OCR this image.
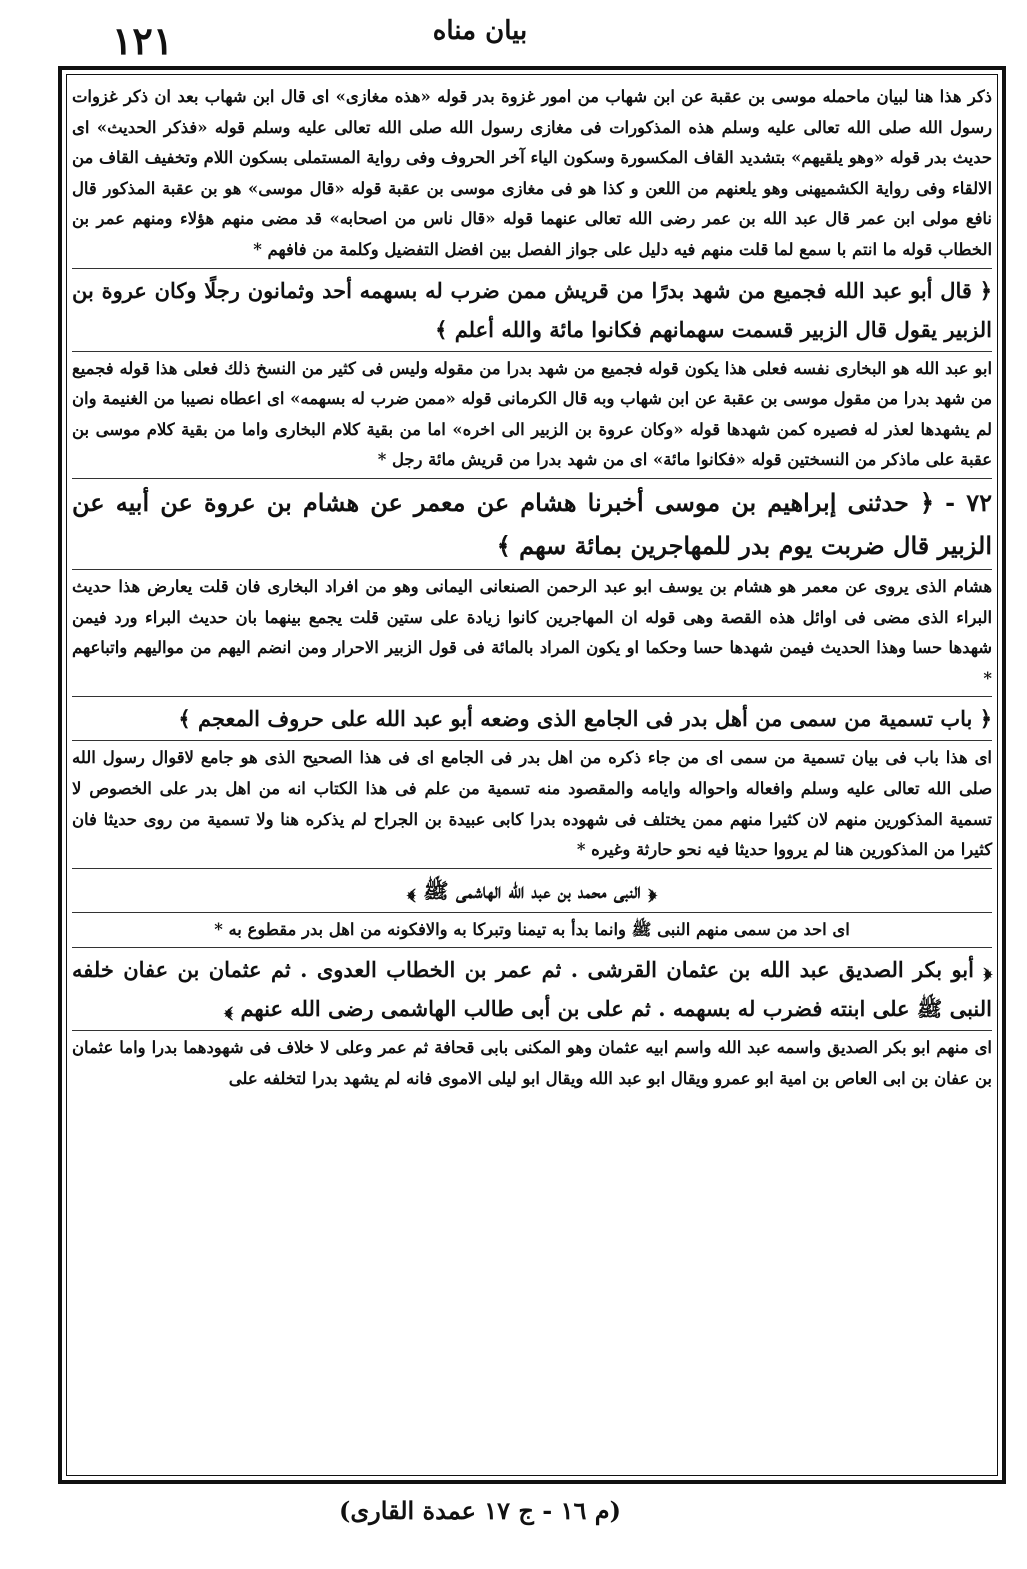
١٢١	بيان مناه

ذكر هذا هنا لبيان ماحمله موسى بن عقبة عن ابن شهاب من امور غزوة بدر قوله «هذه مغازى» اى قال ابن شهاب بعد ان ذكر غزوات رسول الله صلى الله تعالى عليه وسلم هذه المذكورات فى مغازى رسول الله صلى الله تعالى عليه وسلم قوله «فذكر الحديث» اى حديث بدر قوله «وهو يلقيهم» بتشديد القاف المكسورة وسكون الياء آخر الحروف وفى رواية المستملى بسكون اللام وتخفيف القاف من الالقاء وفى رواية الكشميهنى وهو يلعنهم من اللعن و كذا هو فى مغازى موسى بن عقبة قوله «قال موسى» هو بن عقبة المذكور قال نافع مولى ابن عمر قال عبد الله بن عمر رضى الله تعالى عنهما قوله «قال ناس من اصحابه» قد مضى منهم هؤلاء ومنهم عمر بن الخطاب قوله ما انتم با سمع لما قلت منهم فيه دليل على جواز الفصل بين افضل التفضيل وكلمة من فافهم *

﴿ قال أبو عبد الله فجميع من شهد بدرًا من قريش ممن ضرب له بسهمه أحد وثمانون رجلًا وكان عروة بن الزبير يقول قال الزبير قسمت سهمانهم فكانوا مائة والله أعلم ﴾

ابو عبد الله هو البخارى نفسه فعلى هذا يكون قوله فجميع من شهد بدرا من مقوله وليس فى كثير من النسخ ذلك فعلى هذا قوله فجميع من شهد بدرا من مقول موسى بن عقبة عن ابن شهاب وبه قال الكرمانى قوله «ممن ضرب له بسهمه» اى اعطاه نصيبا من الغنيمة وان لم يشهدها لعذر له فصيره كمن شهدها قوله «وكان عروة بن الزبير الى اخره» اما من بقية كلام البخارى واما من بقية كلام موسى بن عقبة على ماذكر من النسختين قوله «فكانوا مائة» اى من شهد بدرا من قريش مائة رجل *

٧٢ - ﴿ حدثنى إبراهيم بن موسى أخبرنا هشام عن معمر عن هشام بن عروة عن أبيه عن الزبير قال ضربت يوم بدر للمهاجرين بمائة سهم ﴾

هشام الذى يروى عن معمر هو هشام بن يوسف ابو عبد الرحمن الصنعانى اليمانى وهو من افراد البخارى فان قلت يعارض هذا حديث البراء الذى مضى فى اوائل هذه القصة وهى قوله ان المهاجرين كانوا زيادة على ستين قلت يجمع بينهما بان حديث البراء ورد فيمن شهدها حسا وهذا الحديث فيمن شهدها حسا وحكما او يكون المراد بالمائة فى قول الزبير الاحرار ومن انضم اليهم من مواليهم واتباعهم *

﴿ باب تسمية من سمى من أهل بدر فى الجامع الذى وضعه أبو عبد الله على حروف المعجم ﴾

اى هذا باب فى بيان تسمية من سمى اى من جاء ذكره من اهل بدر فى الجامع اى فى هذا الصحيح الذى هو جامع لاقوال رسول الله صلى الله تعالى عليه وسلم وافعاله واحواله وايامه والمقصود منه تسمية من علم فى هذا الكتاب انه من اهل بدر على الخصوص لا تسمية المذكورين منهم لان كثيرا منهم ممن يختلف فى شهوده بدرا كابى عبيدة بن الجراح لم يذكره هنا ولا تسمية من روى حديثا فان كثيرا من المذكورين هنا لم يرووا حديثا فيه نحو حارثة وغيره *

﴿ النبى محمد بن عبد الله الهاشمى ﷺ ﴾

اى احد من سمى منهم النبى ﷺ وانما بدأ به تيمنا وتبركا به والافكونه من اهل بدر مقطوع به *

﴿ أبو بكر الصديق عبد الله بن عثمان القرشى . ثم عمر بن الخطاب العدوى . ثم عثمان بن عفان خلفه النبى ﷺ على ابنته فضرب له بسهمه . ثم على بن أبى طالب الهاشمى رضى الله عنهم ﴾

اى منهم ابو بكر الصديق واسمه عبد الله واسم ابيه عثمان وهو المكنى بابى قحافة ثم عمر وعلى لا خلاف فى شهودهما بدرا واما عثمان بن عفان بن ابى العاص بن امية ابو عمرو ويقال ابو عبد الله ويقال ابو ليلى الاموى فانه لم يشهد بدرا لتخلفه على

(م ١٦ - ج ١٧ عمدة القارى)
